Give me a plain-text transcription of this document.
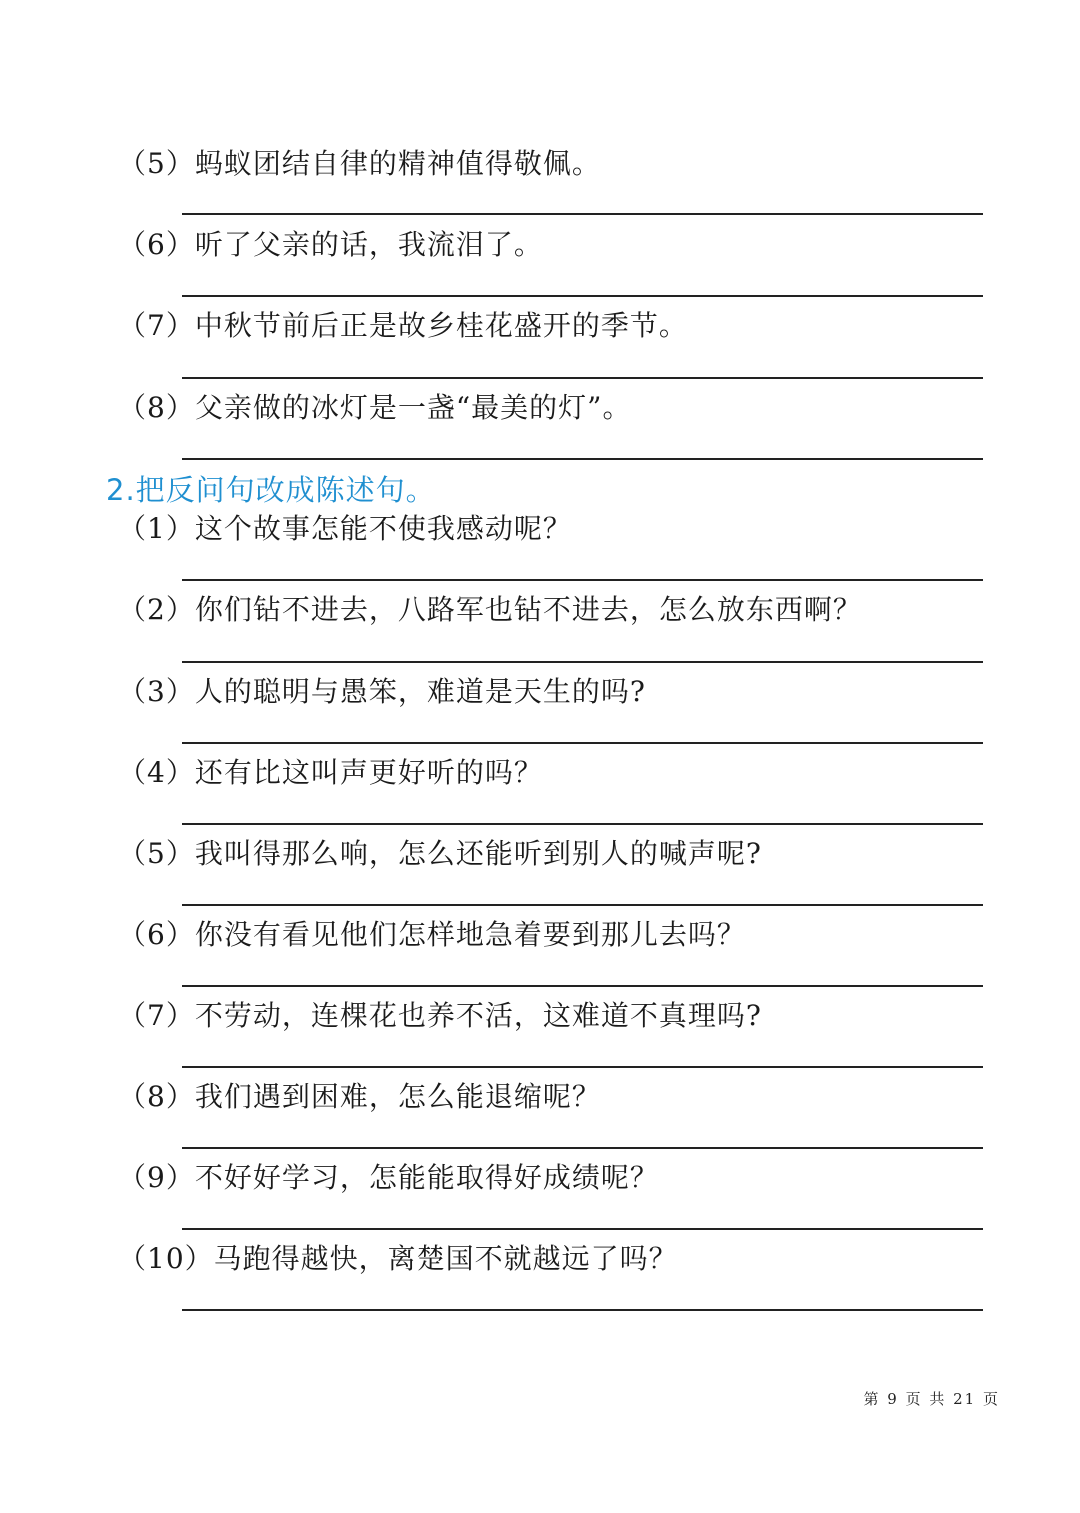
（5） 蚂蚁团结自律的精神值得敬佩。
（6） 听了父亲的话，我流泪了。
（7） 中秋节前后正是故乡桂花盛开的季节。
（8） 父亲做的冰灯是一盏“最美的灯”。
2.把反问句改成陈述句。
（1） 这个故事怎能不使我感动呢？
（2） 你们钻不进去，八路军也钻不进去，怎么放东西啊？
（3） 人的聪明与愚笨，难道是天生的吗?
（4） 还有比这叫声更好听的吗？
（5） 我叫得那么响，怎么还能听到别人的喊声呢?
（6） 你没有看见他们怎样地急着要到那儿去吗？
（7） 不劳动，连棵花也养不活，这难道不真理吗?
（8） 我们遇到困难，怎么能退缩呢？
（9） 不好好学习，怎能能取得好成绩呢？
（10） 马跑得越快，离楚国不就越远了吗？
第 9 页 共 21 页
